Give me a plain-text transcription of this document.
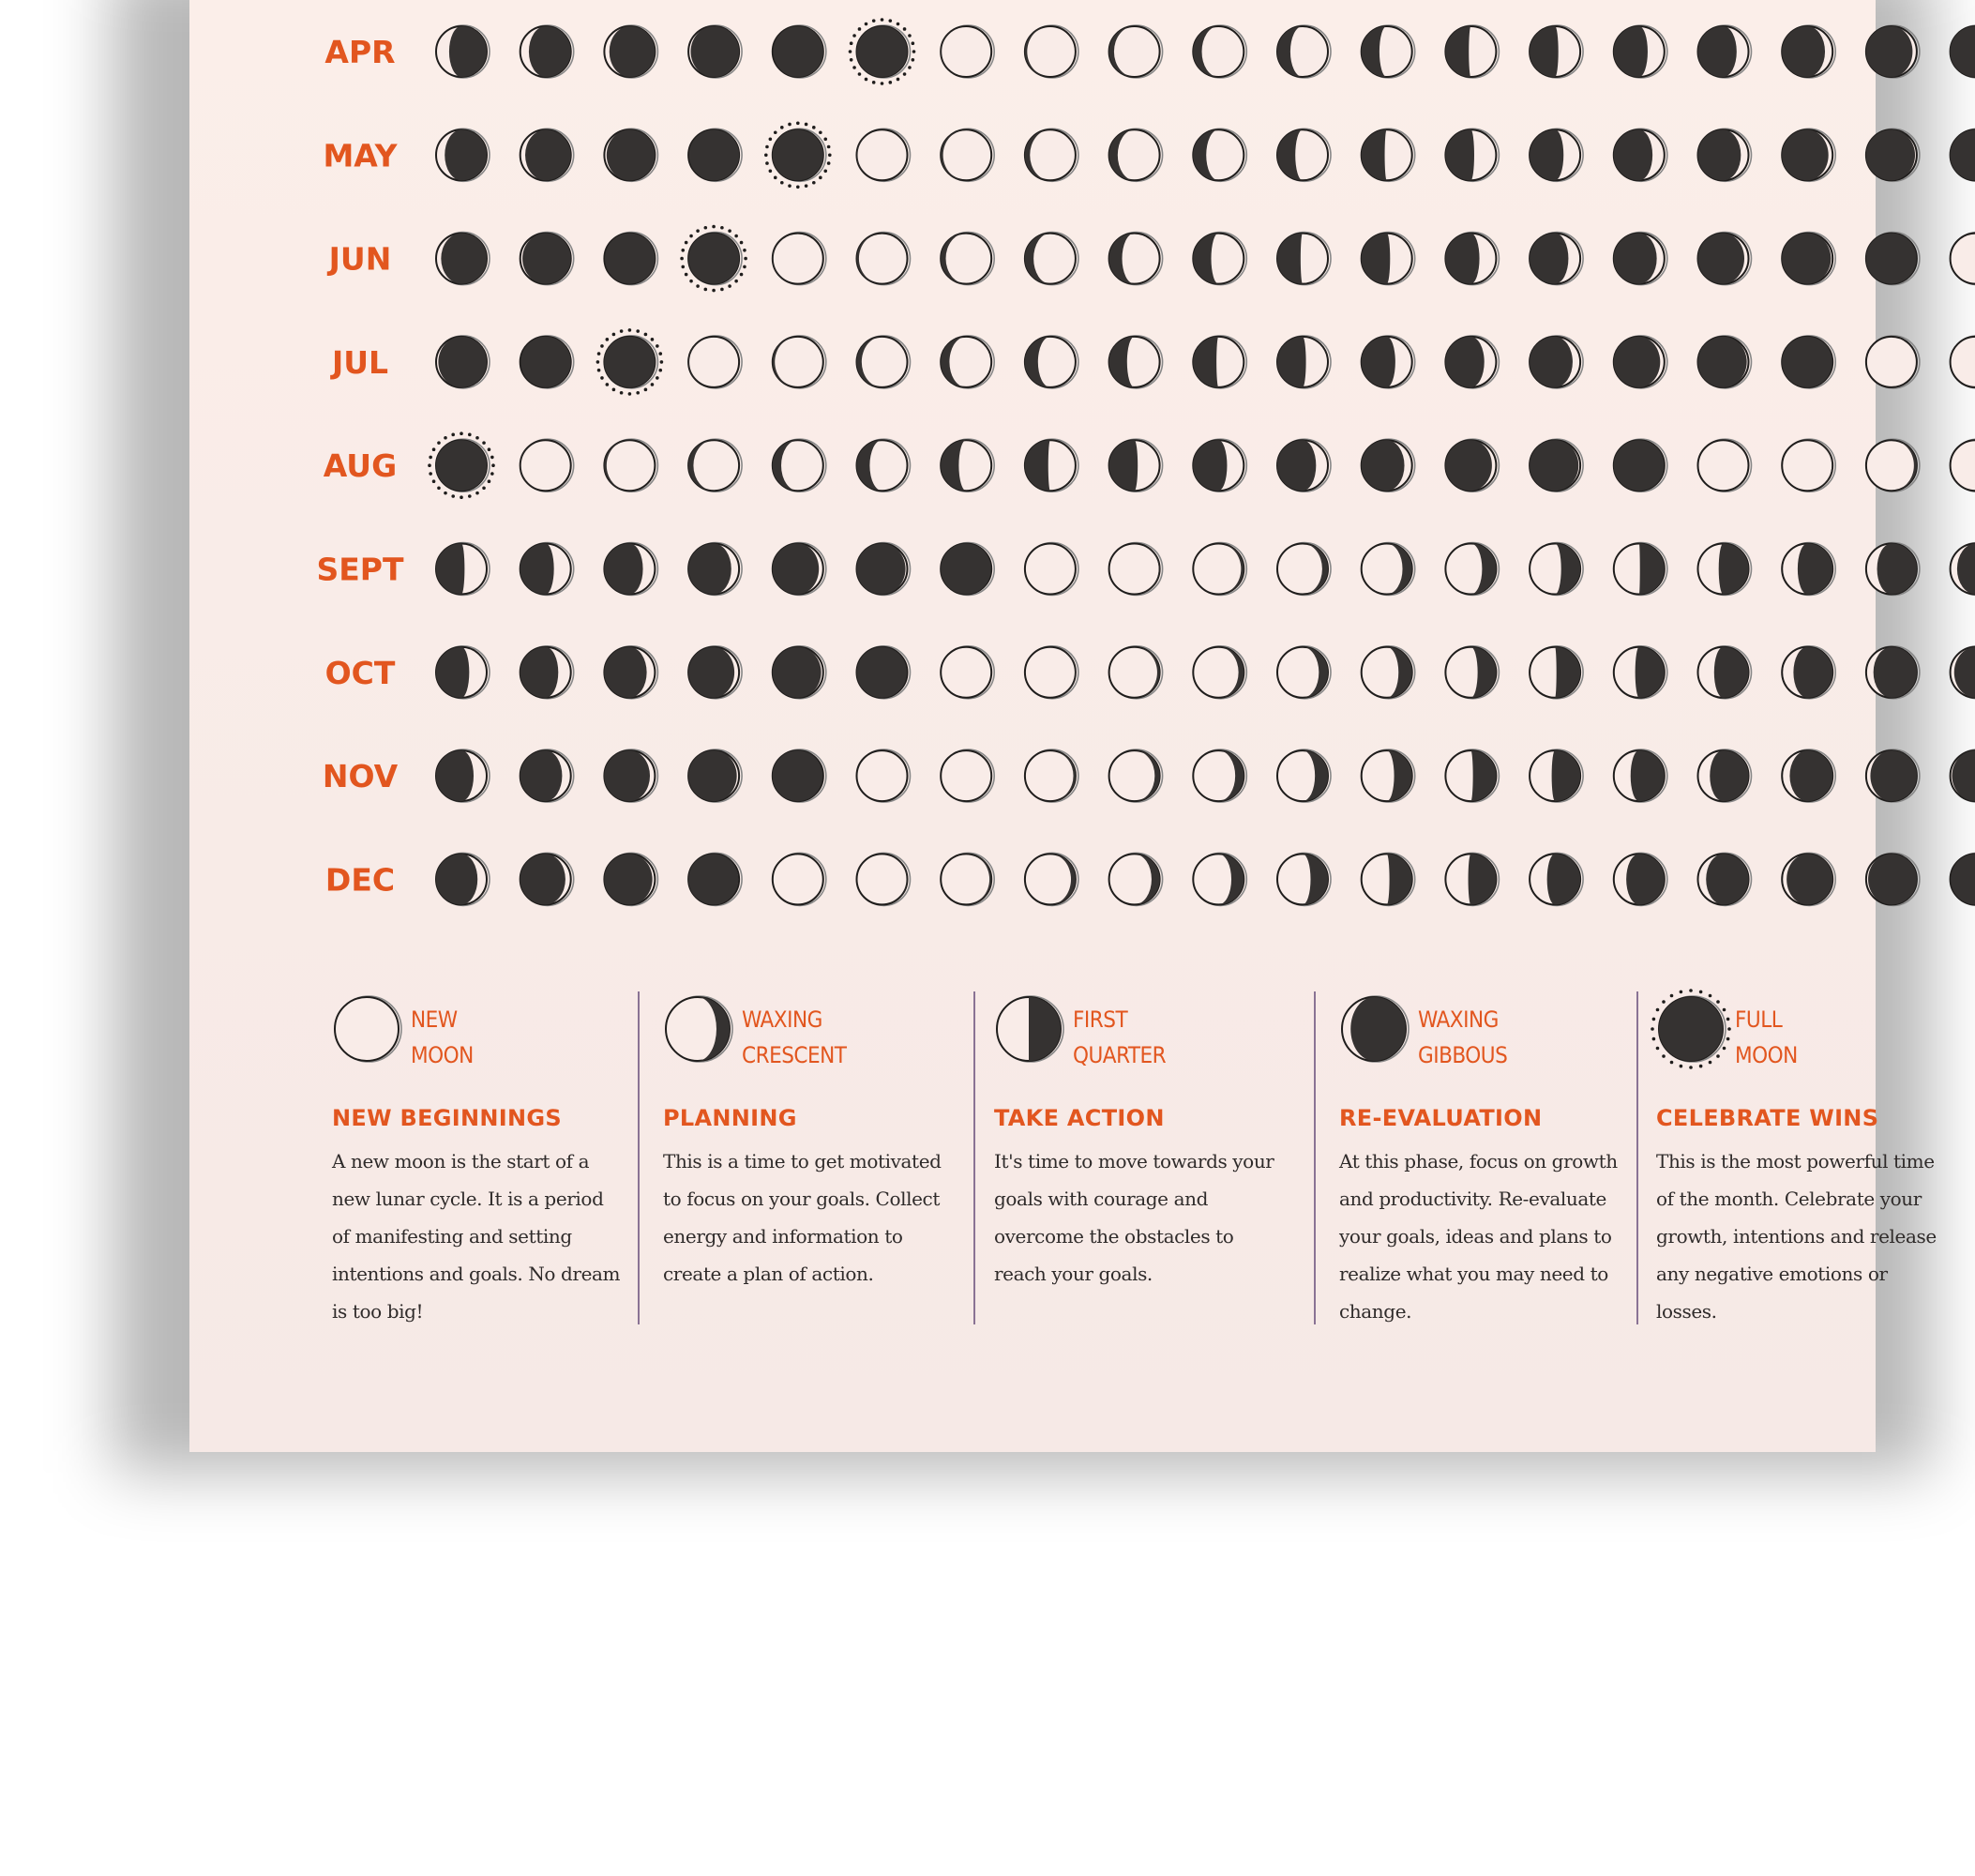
APR
MAY
JUN
JUL
AUG
SEPT
OCT
NOV
DEC
NEW
MOON
NEW BEGINNINGS
A new moon is the start of a new lunar cycle. It is a period of manifesting and setting intentions and goals. No dream is too big!
WAXING
CRESCENT
PLANNING
This is a time to get motivated to focus on your goals. Collect energy and information to create a plan of action.
FIRST
QUARTER
TAKE ACTION
It's time to move towards your goals with courage and overcome the obstacles to reach your goals.
WAXING
GIBBOUS
RE-EVALUATION
At this phase, focus on growth and productivity. Re-evaluate your goals, ideas and plans to realize what you may need to change.
FULL
MOON
CELEBRATE WINS
This is the most powerful time of the month. Celebrate your growth, intentions and release any negative emotions or losses.
